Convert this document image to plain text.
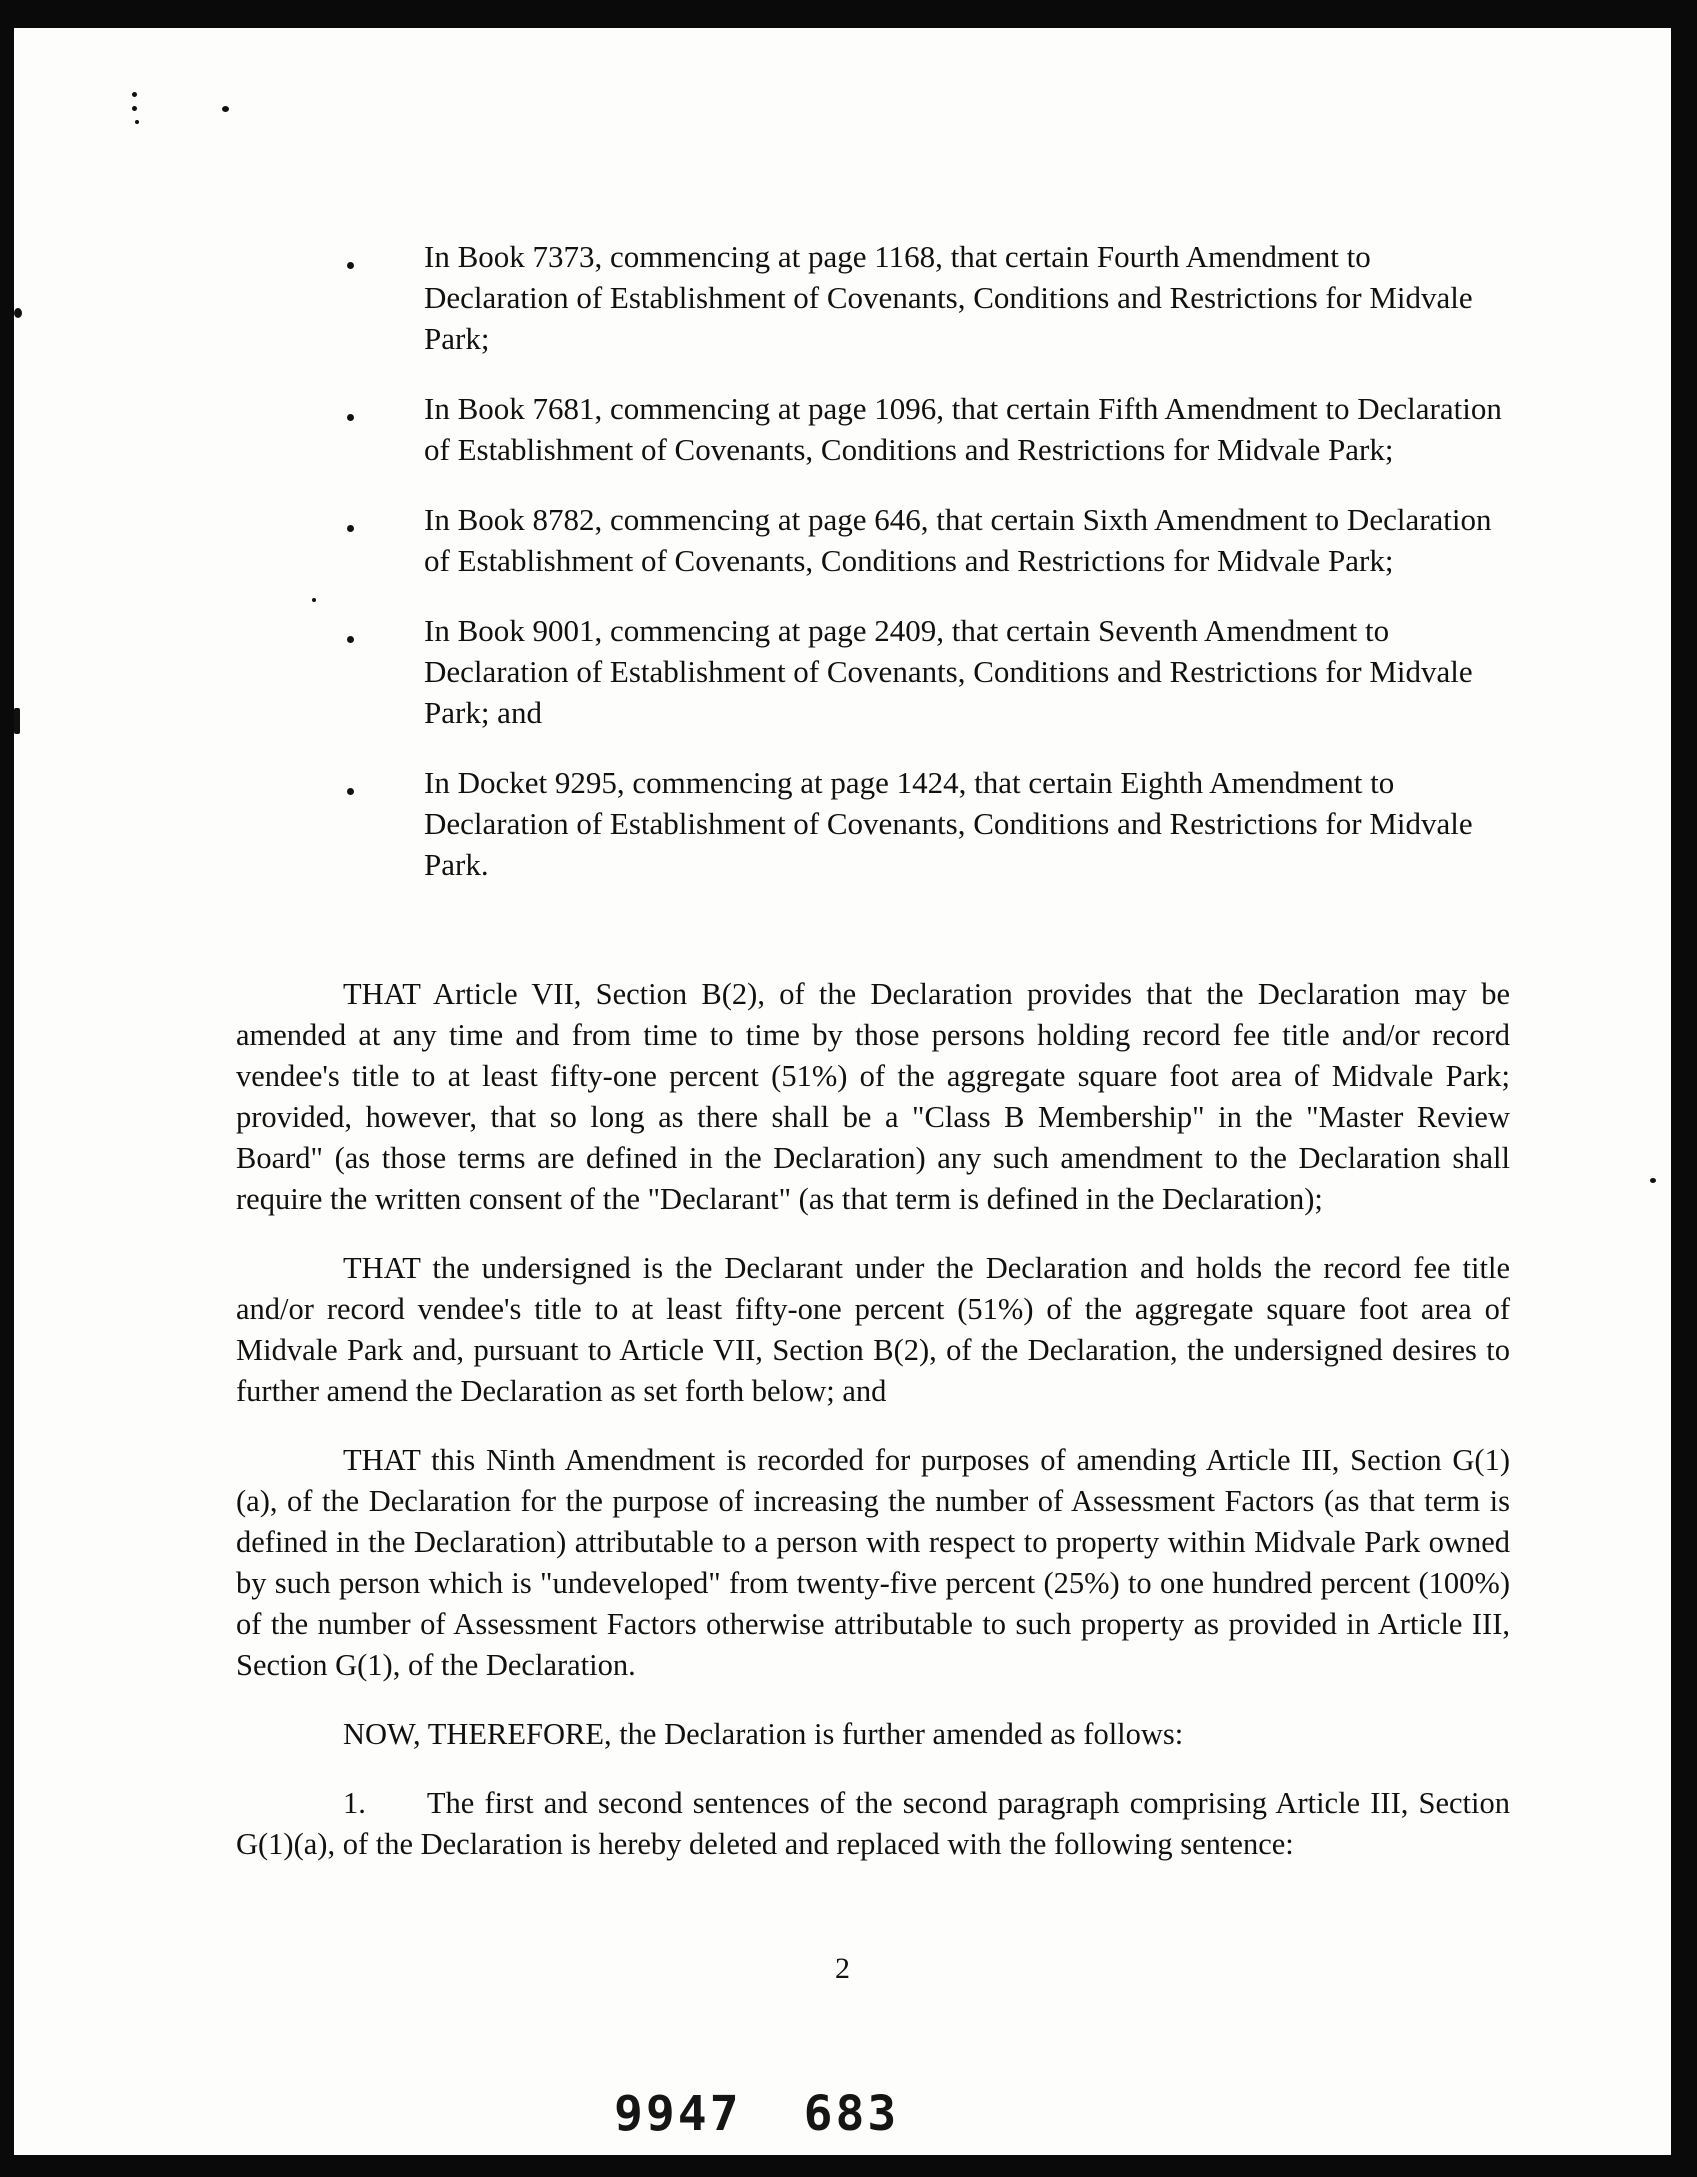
In Book 7373, commencing at page 1168, that certain Fourth Amendment to Declaration of Establishment of Covenants, Conditions and Restrictions for Midvale Park;
In Book 7681, commencing at page 1096, that certain Fifth Amendment to Declaration of Establishment of Covenants, Conditions and Restrictions for Midvale Park;
In Book 8782, commencing at page 646, that certain Sixth Amendment to Declaration of Establishment of Covenants, Conditions and Restrictions for Midvale Park;
In Book 9001, commencing at page 2409, that certain Seventh Amendment to Declaration of Establishment of Covenants, Conditions and Restrictions for Midvale Park; and
In Docket 9295, commencing at page 1424, that certain Eighth Amendment to Declaration of Establishment of Covenants, Conditions and Restrictions for Midvale Park.

THAT Article VII, Section B(2), of the Declaration provides that the Declaration may be amended at any time and from time to time by those persons holding record fee title and/or record vendee's title to at least fifty-one percent (51%) of the aggregate square foot area of Midvale Park; provided, however, that so long as there shall be a "Class B Membership" in the "Master Review Board" (as those terms are defined in the Declaration) any such amendment to the Declaration shall require the written consent of the "Declarant" (as that term is defined in the Declaration);

THAT the undersigned is the Declarant under the Declaration and holds the record fee title and/or record vendee's title to at least fifty-one percent (51%) of the aggregate square foot area of Midvale Park and, pursuant to Article VII, Section B(2), of the Declaration, the undersigned desires to further amend the Declaration as set forth below; and

THAT this Ninth Amendment is recorded for purposes of amending Article III, Section G(1)(a), of the Declaration for the purpose of increasing the number of Assessment Factors (as that term is defined in the Declaration) attributable to a person with respect to property within Midvale Park owned by such person which is "undeveloped" from twenty-five percent (25%) to one hundred percent (100%) of the number of Assessment Factors otherwise attributable to such property as provided in Article III, Section G(1), of the Declaration.

NOW, THEREFORE, the Declaration is further amended as follows:

1.  The first and second sentences of the second paragraph comprising Article III, Section G(1)(a), of the Declaration is hereby deleted and replaced with the following sentence:

2
9947 683
